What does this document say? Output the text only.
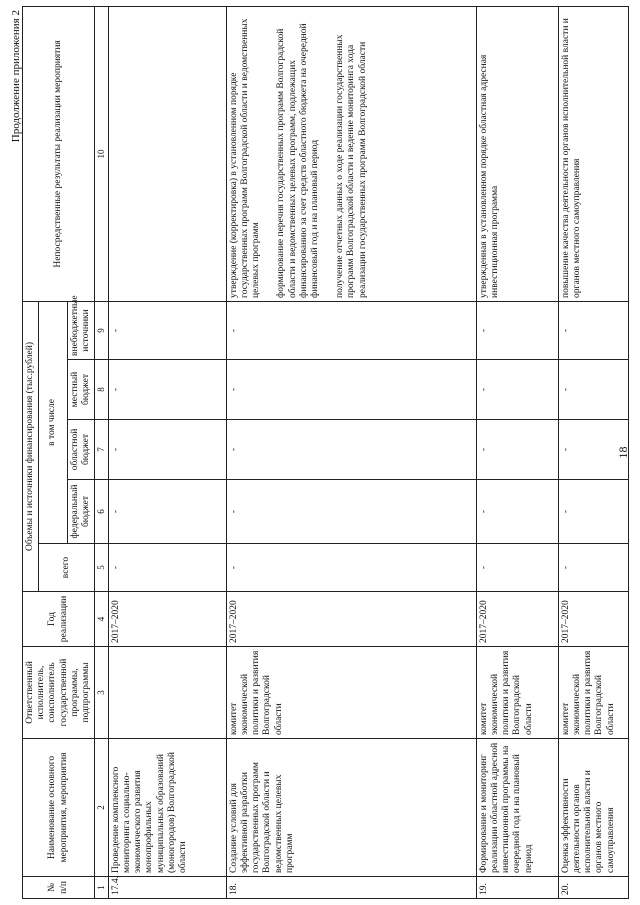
Продолжение приложения 2
№ п/п	Наименование основного мероприятия, мероприятия	Ответственный исполнитель, соисполнитель государственной программы, подпрограммы	Год реализации	Объемы и источники финансирования (тыс.рублей)					Непосредственные результаты реализации мероприятия
				всего	в том числе				
					федеральный бюджет	областной бюджет	местный бюджет	внебюджетные источники	
1	2	3	4	5	6	7	8	9	10
17.4.	Проведение комплексного мониторинга социально-экономического развития монопрофильных муниципальных образований (моногородов) Волгоградской области		2017–2020	-	-	-	-	-	
18.	Создание условий для эффективной разработки государственных программ Волгоградской области и ведомственных целевых программ	комитет экономической политики и развития Волгоградской области	2017–2020	-	-	-	-	-	утверждение (корректировка) в установленном порядке государственных программ Волгоградской области и ведомственных целевых программ формирование перечня государственных программ Волгоградской области и ведомственных целевых программ, подлежащих финансированию за счет средств областного бюджета на очередной финансовый год и на плановый период получение отчетных данных о ходе реализации государственных программ Волгоградской области и ведение мониторинга хода реализации государственных программ Волгоградской области

19.	Формирование и мониторинг реализации областной адресной инвестиционной программы на очередной год и на плановый период	комитет экономической политики и развития Волгоградской области	2017–2020	-	-	-	-	-	утвержденная в установленном порядке областная адресная инвестиционная программа

20.	Оценка эффективности деятельности органов исполнительной власти и органов местного самоуправления	комитет экономической политики и развития Волгоградской области	2017–2020	-	-	-	-	-	повышение качества деятельности органов исполнительной власти и органов местного самоуправления
18
